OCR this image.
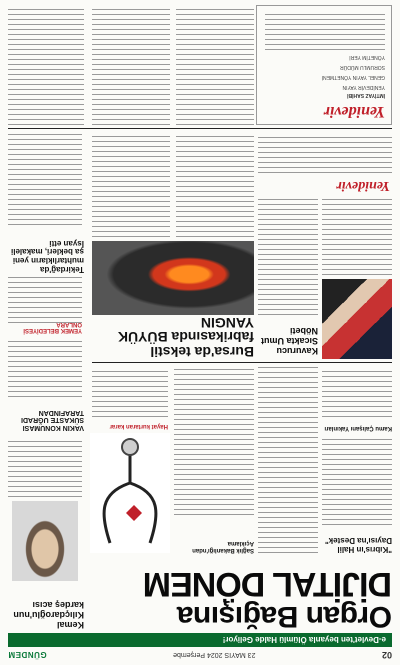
02
23 MAYIS 2024 Perşembe
GÜNDEM
e-Devlet'ten beyanla Ölümlü Halde Geliyor!
Organ Bağışına
DİJİTAL DÖNEM
Kemal Kılıçdaroğlu'nun kardeş acısı
"Kıbrıs'ın Halil Dayısı'na Destek"
Kamu Çalışanı Yakınları
Sağlık Bakanlığı'ndan Açıklama
Hayat kurtaran karar
VAKIN KONUMASI SÜKASTE UĞRADI TARAFINDAN
YEMEK BELEDİYESİ ONLARA
Kavurucu Sıcakta Umut Nöbeti
Yenidevir
Bursa'da tekstil fabrikasında BÜYÜK YANGIN
Tekirdağ'da muhtarlıkların yeni şa bekleri, makaleli İsyan etti
Yenidevir
İMTİYAZ SAHİBİ
YENİDEVİR YAYIN
GENEL YAYIN YÖNETMENİ
SORUMLU MÜDÜR
YÖNETİM YERİ
